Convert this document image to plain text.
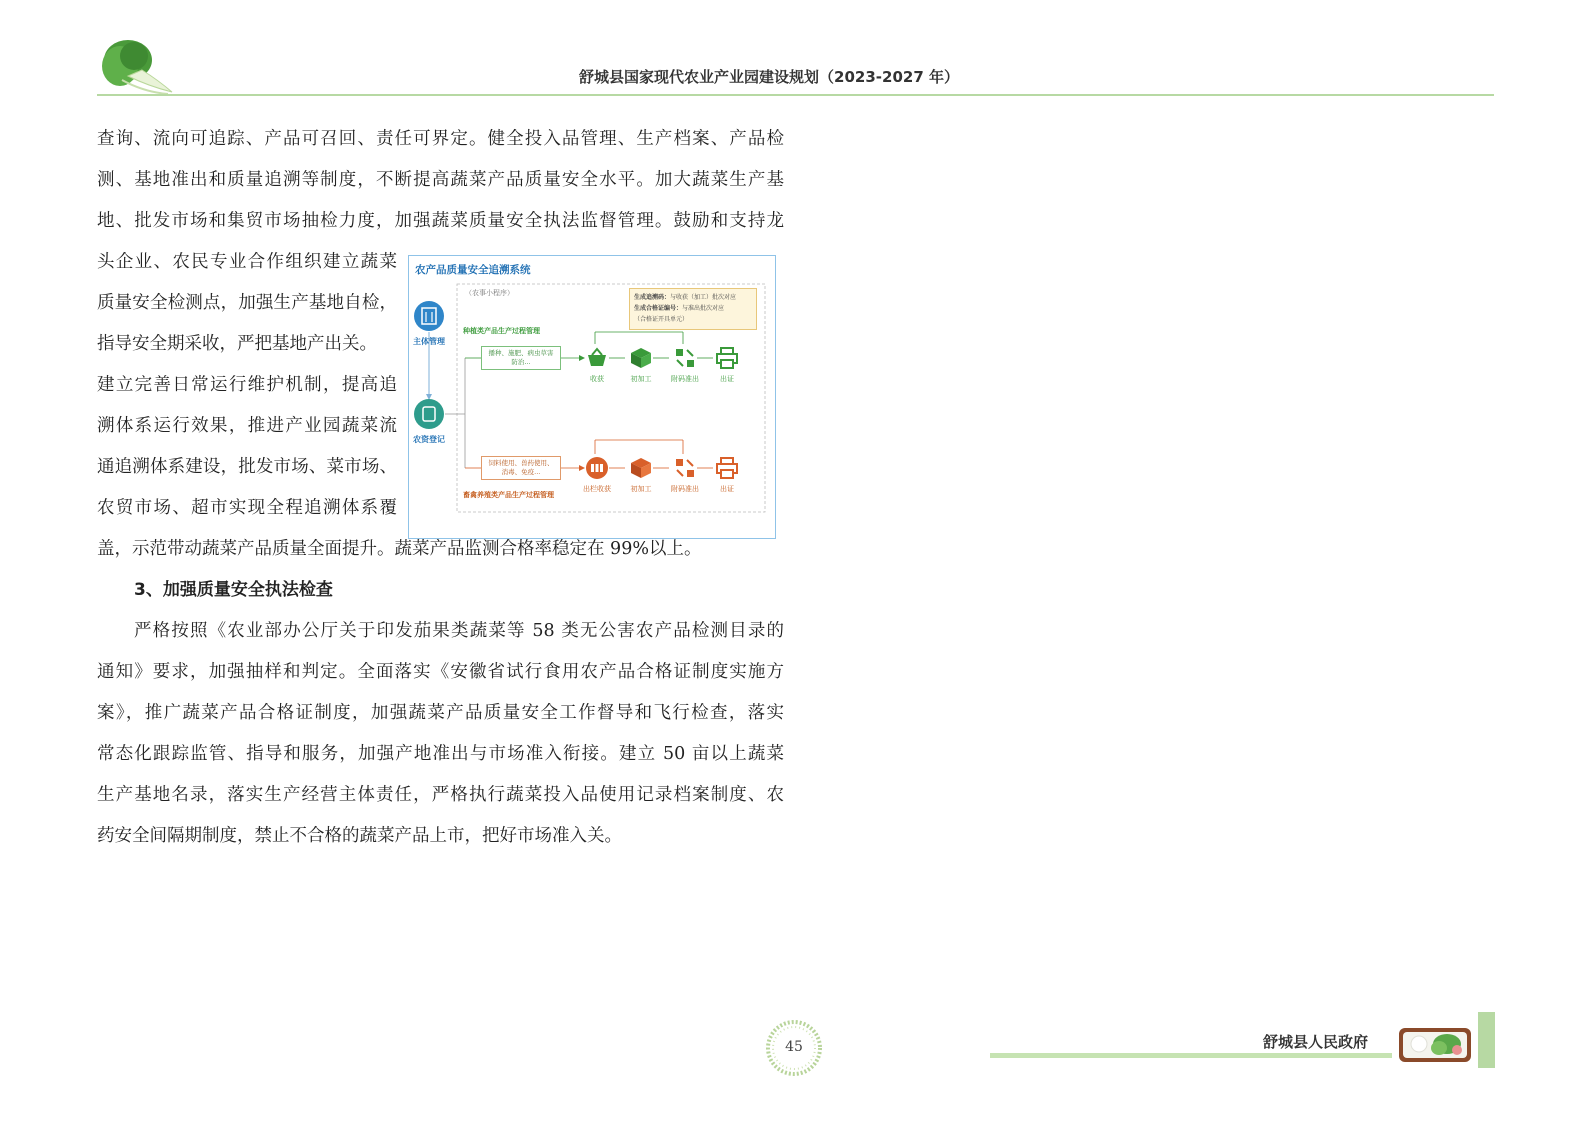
舒城县国家现代农业产业园建设规划（2023-2027 年）
查询、流向可追踪、产品可召回、责任可界定。健全投入品管理、生产档案、产品检
测、基地准出和质量追溯等制度，不断提高蔬菜产品质量安全水平。加大蔬菜生产基
地、批发市场和集贸市场抽检力度，加强蔬菜质量安全执法监督管理。鼓励和支持龙
头企业、农民专业合作组织建立蔬菜
质量安全检测点，加强生产基地自检，
指导安全期采收，严把基地产出关。
建立完善日常运行维护机制，提高追
溯体系运行效果，推进产业园蔬菜流
通追溯体系建设，批发市场、菜市场、
农贸市场、超市实现全程追溯体系覆
盖，示范带动蔬菜产品质量全面提升。蔬菜产品监测合格率稳定在 99%以上。
3、加强质量安全执法检查
严格按照《农业部办公厅关于印发茄果类蔬菜等 58 类无公害农产品检测目录的
通知》要求，加强抽样和判定。全面落实《安徽省试行食用农产品合格证制度实施方
案》，推广蔬菜产品合格证制度，加强蔬菜产品质量安全工作督导和飞行检查，落实
常态化跟踪监管、指导和服务，加强产地准出与市场准入衔接。建立 50 亩以上蔬菜
生产基地名录，落实生产经营主体责任，严格执行蔬菜投入品使用记录档案制度、农
药安全间隔期制度，禁止不合格的蔬菜产品上市，把好市场准入关。
农产品质量安全追溯系统
（农事小程序）
主体管理
农资登记
生成追溯码：与收获（加工）批次对应
生成合格证编号：与准出批次对应
（合格证开具单元）
种植类产品生产过程管理
播种、施肥、病虫草害防治...
收获	初加工	附码准出	出证
饲料使用、兽药使用、消毒、免疫...
出栏收获	初加工	附码准出	出证
畜禽养殖类产品生产过程管理
45	舒城县人民政府
